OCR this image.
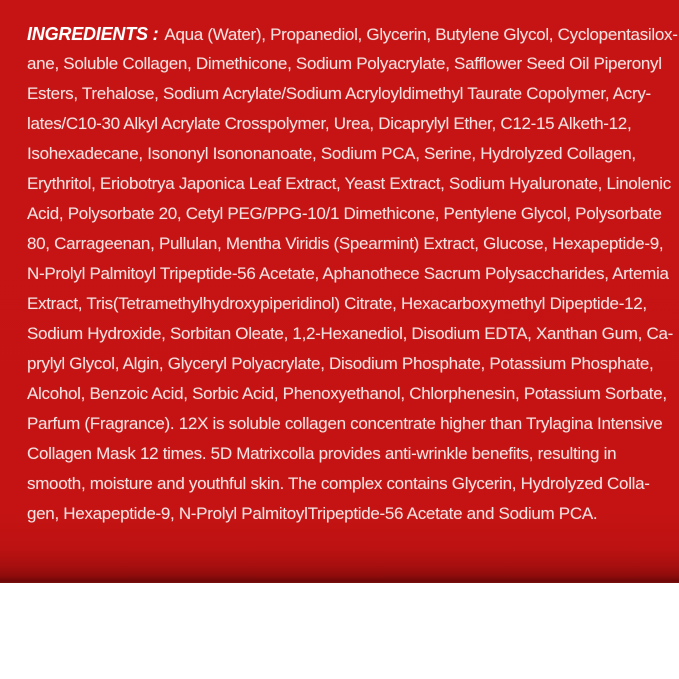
INGREDIENTS : Aqua (Water), Propanediol, Glycerin, Butylene Glycol, Cyclopentasilox-
ane, Soluble Collagen, Dimethicone, Sodium Polyacrylate, Safflower Seed Oil Piperonyl
Esters, Trehalose, Sodium Acrylate/Sodium Acryloyldimethyl Taurate Copolymer, Acry-
lates/C10-30 Alkyl Acrylate Crosspolymer, Urea, Dicaprylyl Ether, C12-15 Alketh-12,
Isohexadecane, Isononyl Isononanoate, Sodium PCA, Serine, Hydrolyzed Collagen,
Erythritol, Eriobotrya Japonica Leaf Extract, Yeast Extract, Sodium Hyaluronate, Linolenic
Acid, Polysorbate 20, Cetyl PEG/PPG-10/1 Dimethicone, Pentylene Glycol, Polysorbate
80, Carrageenan, Pullulan, Mentha Viridis (Spearmint) Extract, Glucose, Hexapeptide-9,
N-Prolyl Palmitoyl Tripeptide-56 Acetate, Aphanothece Sacrum Polysaccharides, Artemia
Extract, Tris(Tetramethylhydroxypiperidinol) Citrate, Hexacarboxymethyl Dipeptide-12,
Sodium Hydroxide, Sorbitan Oleate, 1,2-Hexanediol, Disodium EDTA, Xanthan Gum, Ca-
prylyl Glycol, Algin, Glyceryl Polyacrylate, Disodium Phosphate, Potassium Phosphate,
Alcohol, Benzoic Acid, Sorbic Acid, Phenoxyethanol, Chlorphenesin, Potassium Sorbate,
Parfum (Fragrance). 12X is soluble collagen concentrate higher than Trylagina Intensive
Collagen Mask 12 times. 5D Matrixcolla provides anti-wrinkle benefits, resulting in
smooth, moisture and youthful skin. The complex contains Glycerin, Hydrolyzed Colla-
gen, Hexapeptide-9, N-Prolyl PalmitoylTripeptide-56 Acetate and Sodium PCA.
